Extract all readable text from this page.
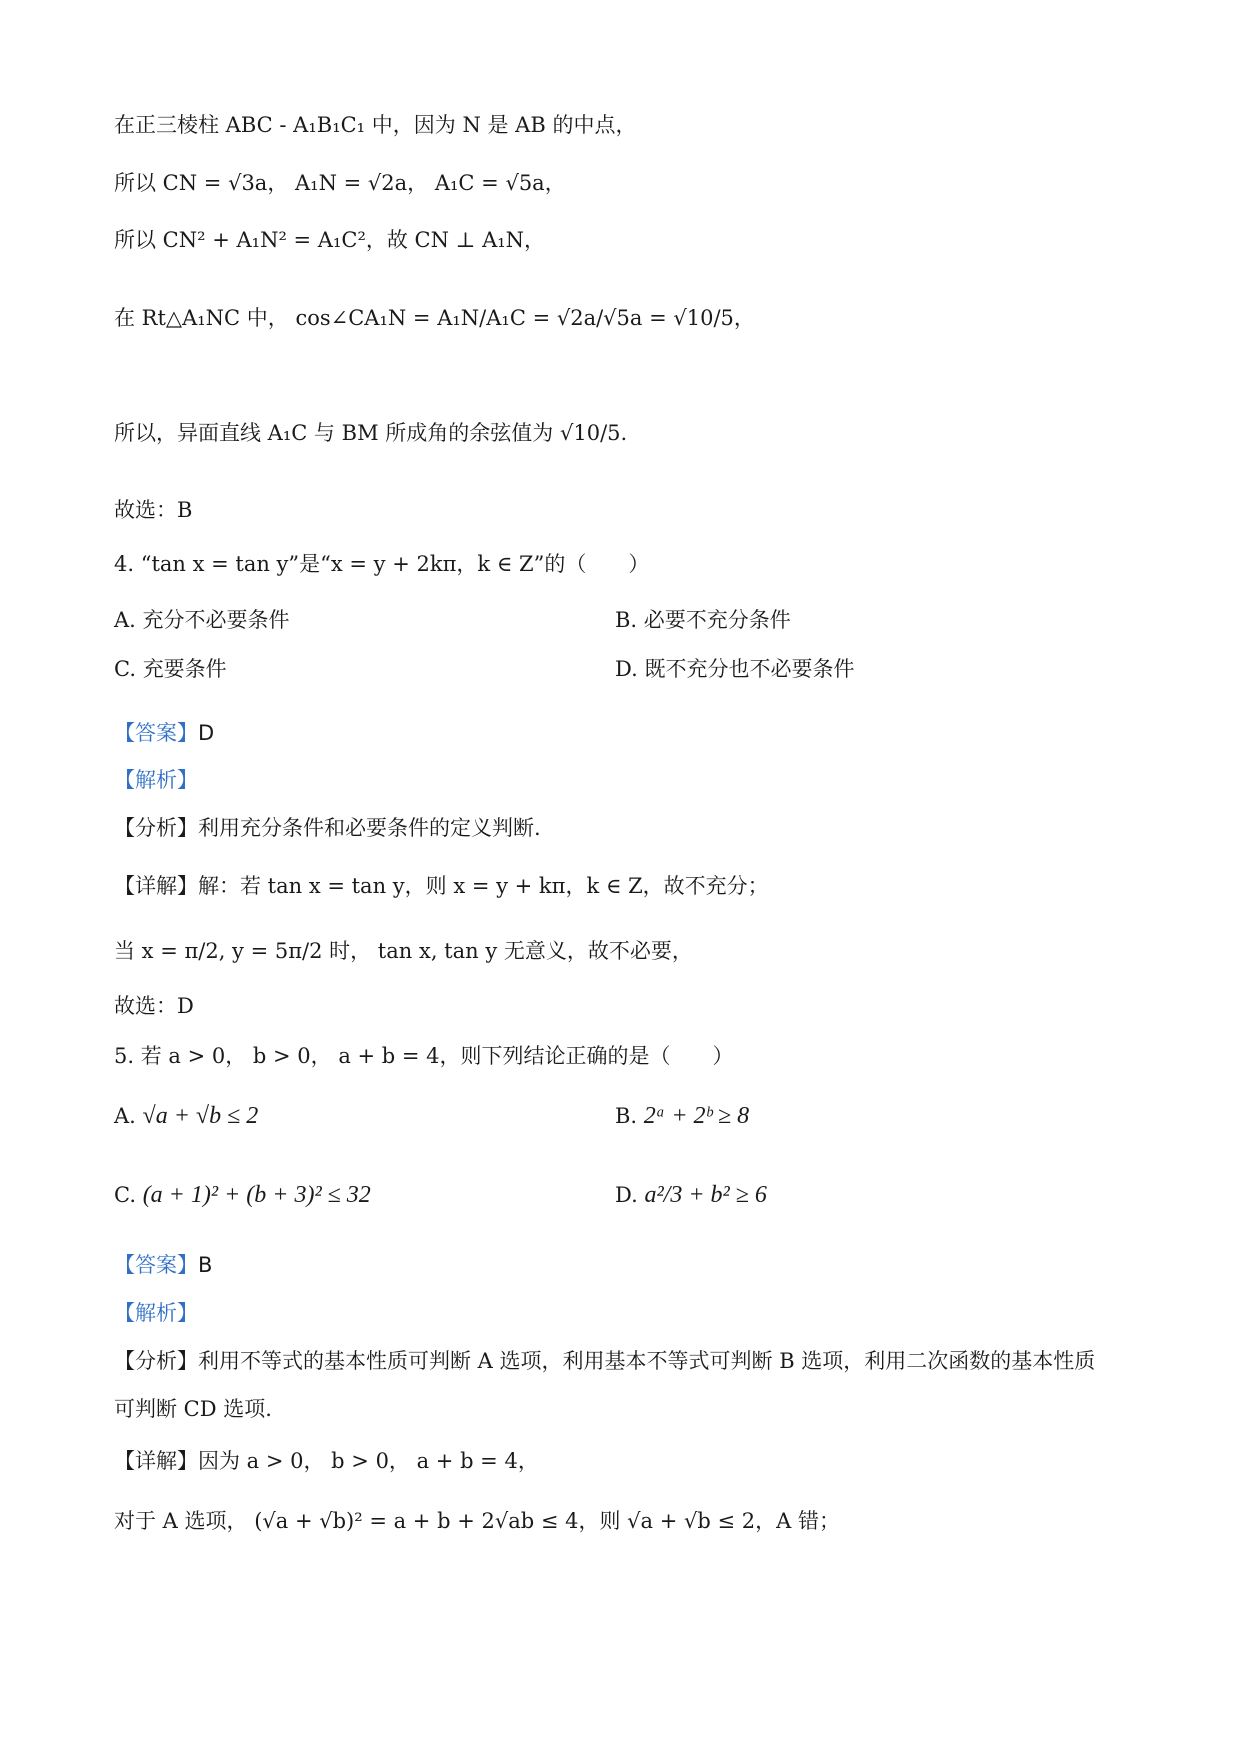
在正三棱柱 ABC - A₁B₁C₁ 中，因为 N 是 AB 的中点，
所以 CN = √3a， A₁N = √2a， A₁C = √5a，
所以 CN² + A₁N² = A₁C²，故 CN ⊥ A₁N，
在 Rt△A₁NC 中， cos∠CA₁N = A₁N/A₁C = √2a/√5a = √10/5，
所以，异面直线 A₁C 与 BM 所成角的余弦值为 √10/5.
故选：B
4. “tan x = tan y”是“x = y + 2kπ，k ∈ Z”的（　　）
A. 充分不必要条件	B. 必要不充分条件
C. 充要条件	D. 既不充分也不必要条件
【答案】D
【解析】
【分析】利用充分条件和必要条件的定义判断.
【详解】解：若 tan x = tan y，则 x = y + kπ，k ∈ Z，故不充分；
当 x = π/2, y = 5π/2 时， tan x, tan y 无意义，故不必要，
故选：D
5. 若 a > 0， b > 0， a + b = 4，则下列结论正确的是（　　）
A. √a + √b ≤ 2	B. 2ᵃ + 2ᵇ ≥ 8
C. (a + 1)² + (b + 3)² ≤ 32	D. a²/3 + b² ≥ 6
【答案】B
【解析】
【分析】利用不等式的基本性质可判断 A 选项，利用基本不等式可判断 B 选项，利用二次函数的基本性质
可判断 CD 选项.
【详解】因为 a > 0， b > 0， a + b = 4，
对于 A 选项， (√a + √b)² = a + b + 2√ab ≤ 4，则 √a + √b ≤ 2，A 错；
